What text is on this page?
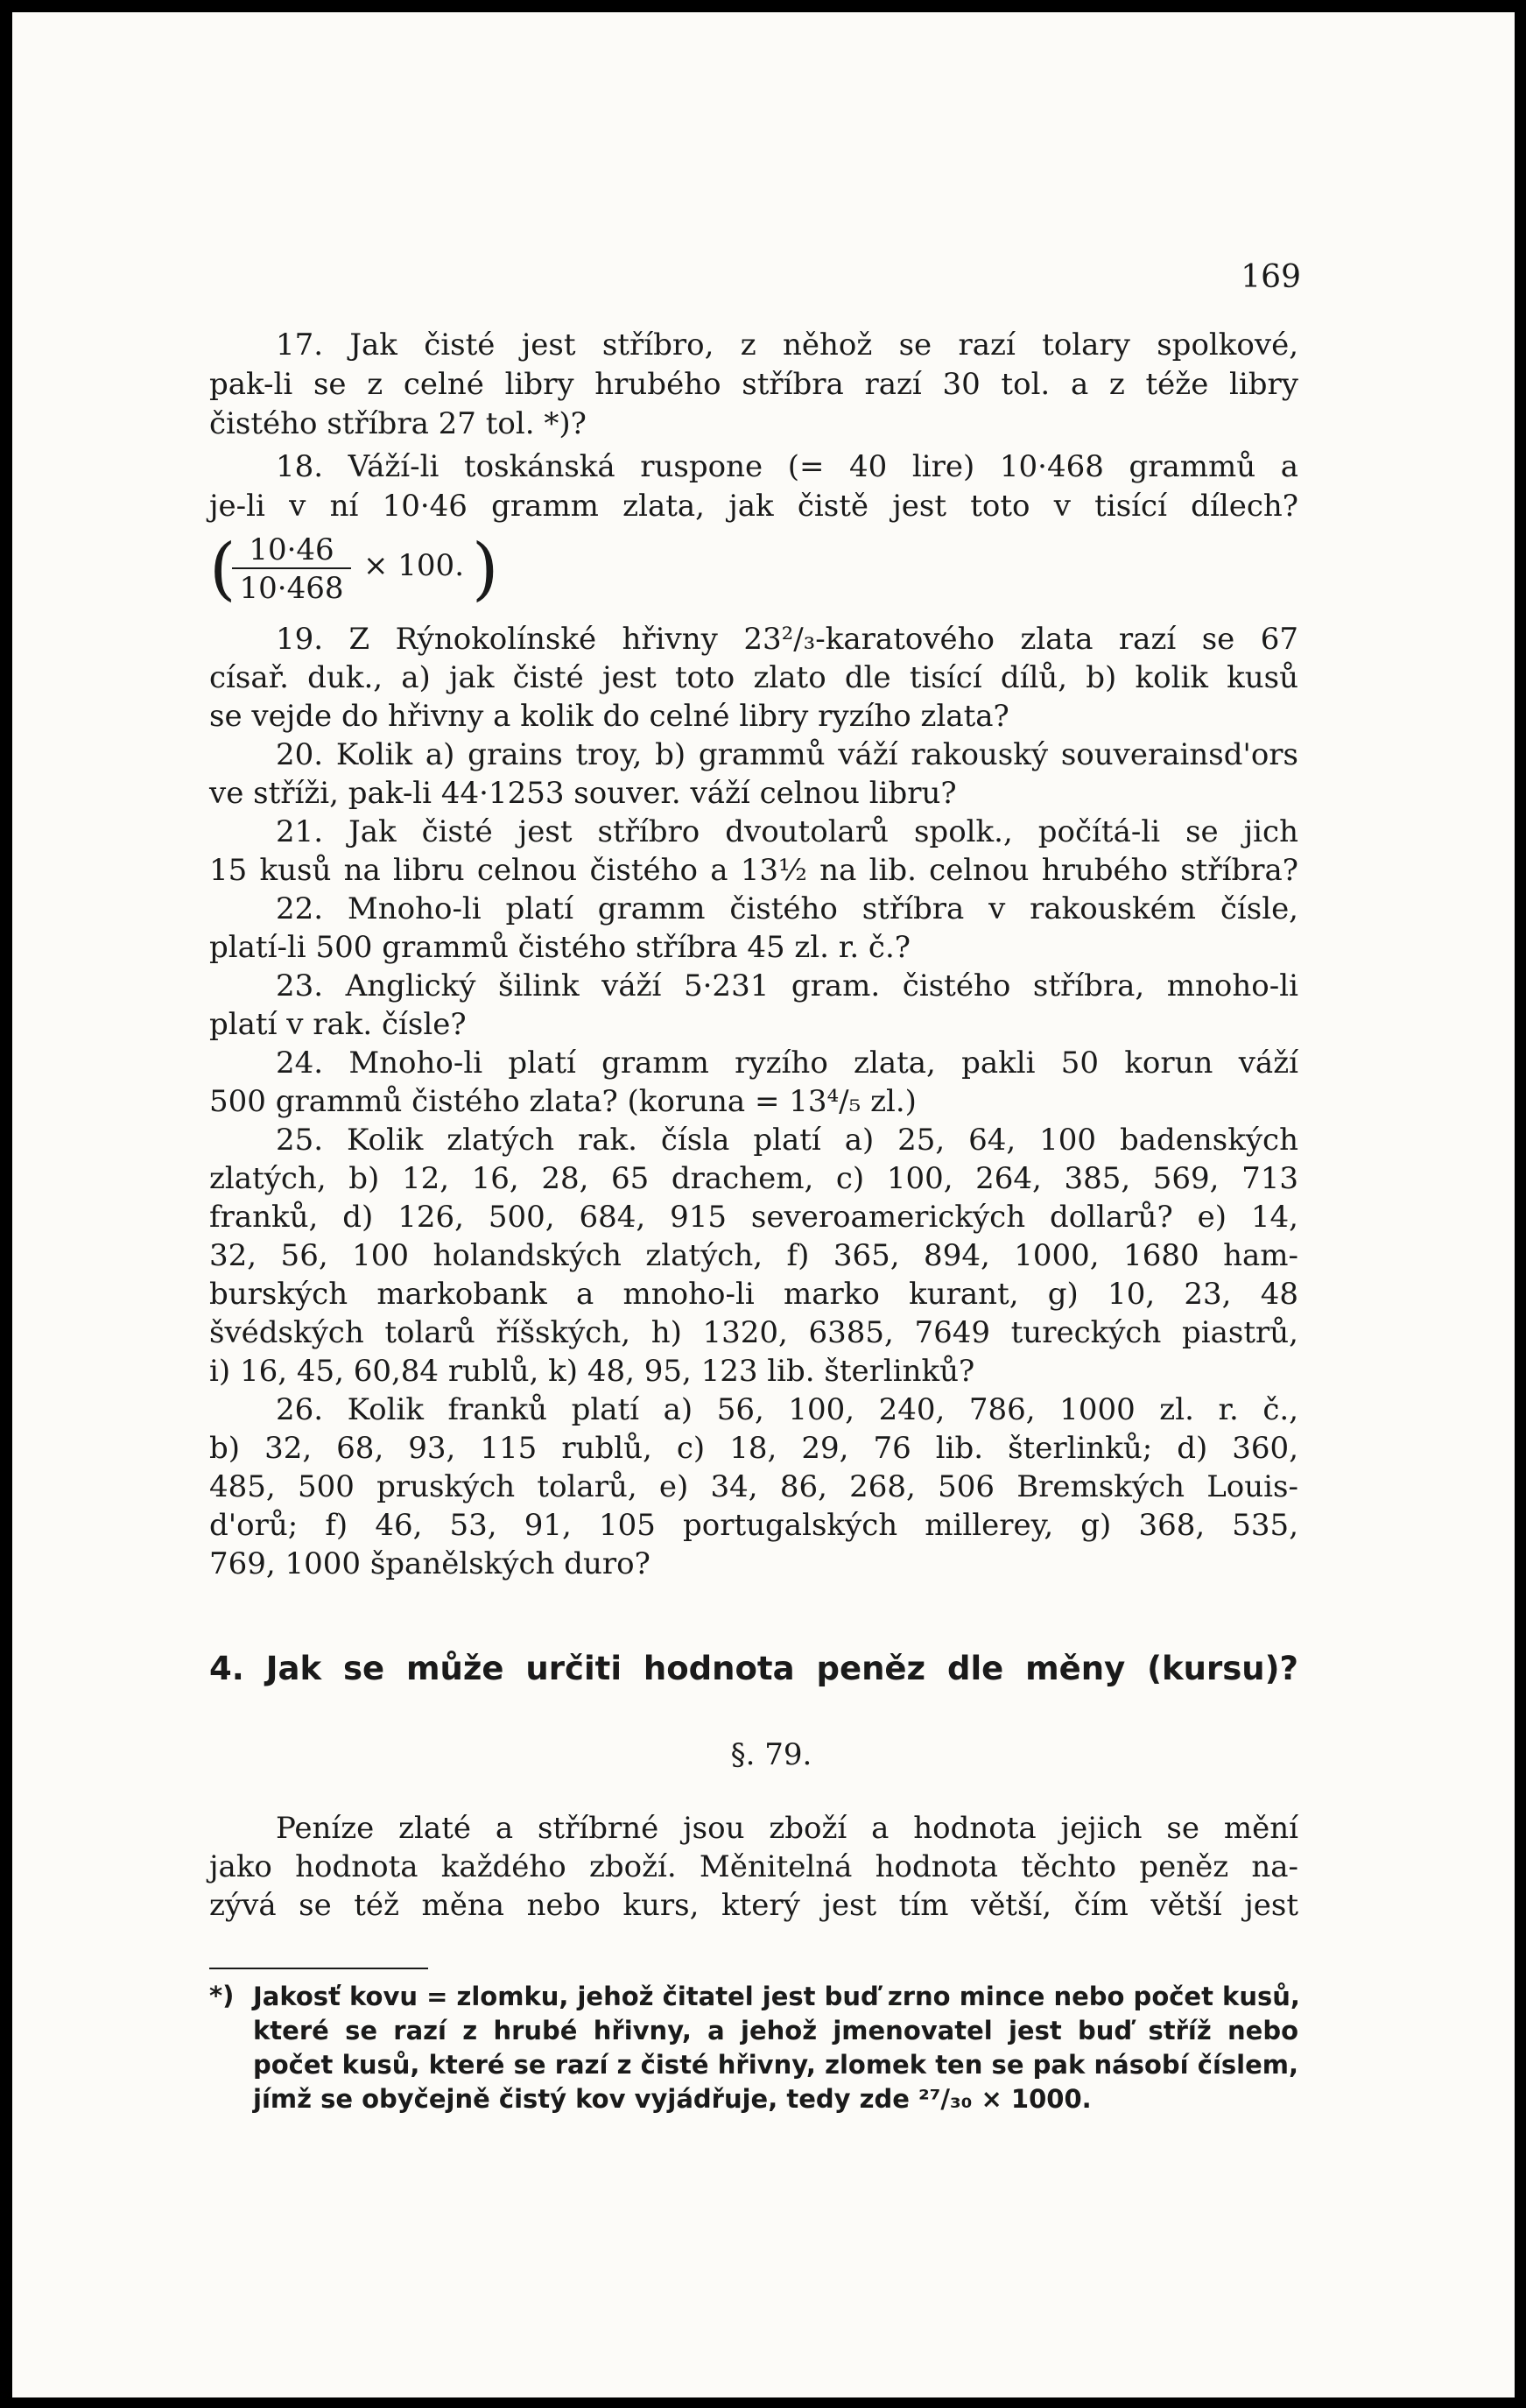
169
17. Jak čisté jest stříbro, z něhož se razí tolary spolkové,
pak-li se z celné libry hrubého stříbra razí 30 tol. a z téže libry
čistého stříbra 27 tol. *)?
18. Váží-li toskánská ruspone (= 40 lire) 10·468 grammů a
je-li v ní 10·46 gramm zlata, jak čistě jest toto v tisící dílech?
( 10·46
10·468
× 100. )
19. Z Rýnokolínské hřivny 23²/₃-karatového zlata razí se 67
císař. duk., a) jak čisté jest toto zlato dle tisící dílů, b) kolik kusů
se vejde do hřivny a kolik do celné libry ryzího zlata?
20. Kolik a) grains troy, b) grammů váží rakouský souverainsd'ors
ve stříži, pak-li 44·1253 souver. váží celnou libru?
21. Jak čisté jest stříbro dvoutolarů spolk., počítá-li se jich
15 kusů na libru celnou čistého a 13½ na lib. celnou hrubého stříbra?
22. Mnoho-li platí gramm čistého stříbra v rakouském čísle,
platí-li 500 grammů čistého stříbra 45 zl. r. č.?
23. Anglický šilink váží 5·231 gram. čistého stříbra, mnoho-li
platí v rak. čísle?
24. Mnoho-li platí gramm ryzího zlata, pakli 50 korun váží
500 grammů čistého zlata? (koruna = 13⁴/₅ zl.)
25. Kolik zlatých rak. čísla platí a) 25, 64, 100 badenských
zlatých, b) 12, 16, 28, 65 drachem, c) 100, 264, 385, 569, 713
franků, d) 126, 500, 684, 915 severoamerických dollarů? e) 14,
32, 56, 100 holandských zlatých, f) 365, 894, 1000, 1680 ham-
burských markobank a mnoho-li marko kurant, g) 10, 23, 48
švédských tolarů říšských, h) 1320, 6385, 7649 tureckých piastrů,
i) 16, 45, 60,84 rublů, k) 48, 95, 123 lib. šterlinků?
26. Kolik franků platí a) 56, 100, 240, 786, 1000 zl. r. č.,
b) 32, 68, 93, 115 rublů, c) 18, 29, 76 lib. šterlinků; d) 360,
485, 500 pruských tolarů, e) 34, 86, 268, 506 Bremských Louis-
d'orů; f) 46, 53, 91, 105 portugalských millerey, g) 368, 535,
769, 1000 španělských duro?
4. Jak se může určiti hodnota peněz dle měny (kursu)?
§. 79.
Peníze zlaté a stříbrné jsou zboží a hodnota jejich se mění
jako hodnota každého zboží. Měnitelná hodnota těchto peněz na-
zývá se též měna nebo kurs, který jest tím větší, čím větší jest
*) Jakosť kovu = zlomku, jehož čitatel jest buď zrno mince nebo počet kusů,
které se razí z hrubé hřivny, a jehož jmenovatel jest buď stříž nebo
počet kusů, které se razí z čisté hřivny, zlomek ten se pak násobí číslem,
jímž se obyčejně čistý kov vyjádřuje, tedy zde ²⁷/₃₀ × 1000.
